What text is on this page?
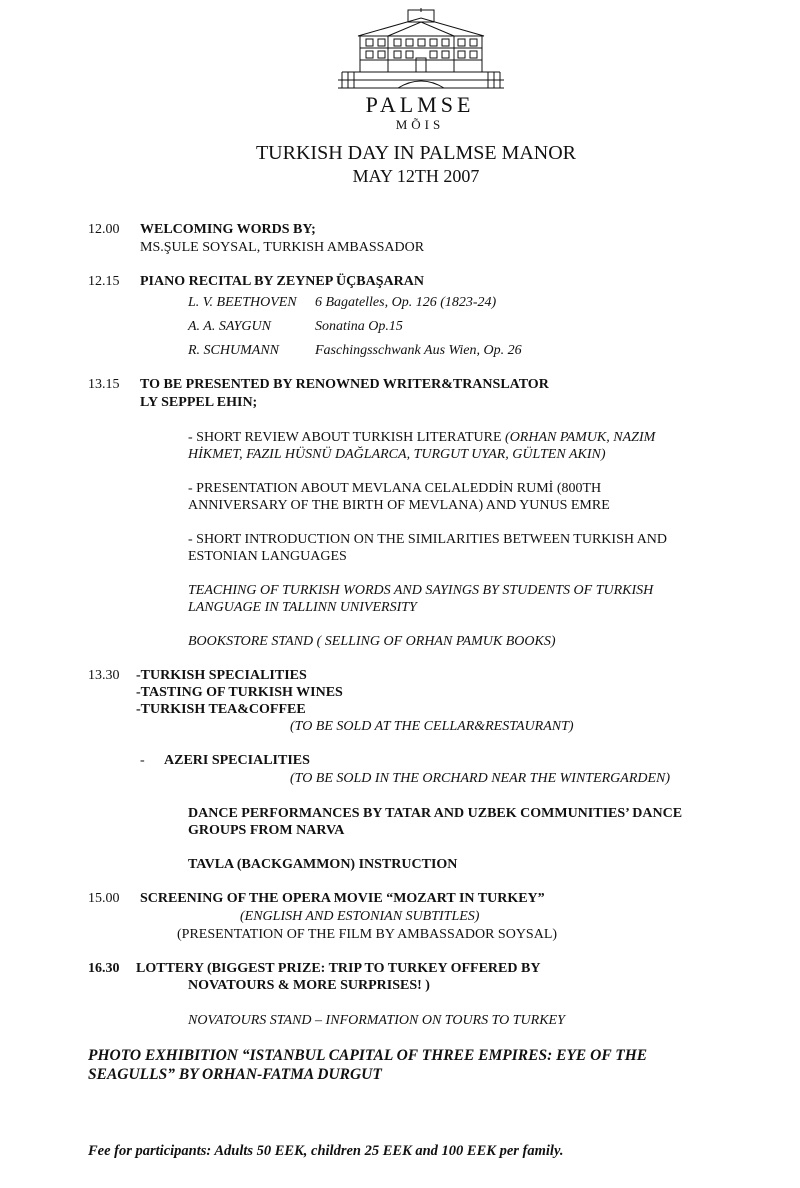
PALMSE
MÕIS
TURKISH DAY IN PALMSE MANOR
MAY 12TH 2007
12.00 WELCOMING WORDS BY;
MS.ŞULE SOYSAL, TURKISH AMBASSADOR
12.15 PIANO RECITAL BY ZEYNEP ÜÇBAŞARAN
L. V. BEETHOVEN 6 Bagatelles, Op. 126 (1823-24)
A. A. SAYGUN	Sonatina Op.15
R. SCHUMANN	Faschingsschwank Aus Wien, Op. 26
13.15 TO BE PRESENTED BY RENOWNED WRITER&TRANSLATOR
LY SEPPEL EHIN;
- SHORT REVIEW ABOUT TURKISH LITERATURE (ORHAN PAMUK, NAZIM
HİKMET, FAZIL HÜSNÜ DAĞLARCA, TURGUT UYAR, GÜLTEN AKIN)
- PRESENTATION ABOUT MEVLANA CELALEDDİN RUMİ (800TH
ANNIVERSARY OF THE BIRTH OF MEVLANA) AND YUNUS EMRE
- SHORT INTRODUCTION ON THE SIMILARITIES BETWEEN TURKISH AND
ESTONIAN LANGUAGES
TEACHING OF TURKISH WORDS AND SAYINGS BY STUDENTS OF TURKISH
LANGUAGE IN TALLINN UNIVERSITY
BOOKSTORE STAND ( SELLING OF ORHAN PAMUK BOOKS)
13.30 -TURKISH SPECIALITIES
-TASTING OF TURKISH WINES
-TURKISH TEA&COFFEE
(TO BE SOLD AT THE CELLAR&RESTAURANT)
- AZERI SPECIALITIES
(TO BE SOLD IN THE ORCHARD NEAR THE WINTERGARDEN)
DANCE PERFORMANCES BY TATAR AND UZBEK COMMUNITIES’ DANCE
GROUPS FROM NARVA
TAVLA (BACKGAMMON) INSTRUCTION
15.00 SCREENING OF THE OPERA MOVIE “MOZART IN TURKEY”
(ENGLISH AND ESTONIAN SUBTITLES)
(PRESENTATION OF THE FILM BY AMBASSADOR SOYSAL)
16.30 LOTTERY (BIGGEST PRIZE: TRIP TO TURKEY OFFERED BY
NOVATOURS & MORE SURPRISES! )
NOVATOURS STAND – INFORMATION ON TOURS TO TURKEY
PHOTO EXHIBITION “ISTANBUL CAPITAL OF THREE EMPIRES: EYE OF THE
SEAGULLS” BY ORHAN-FATMA DURGUT
Fee for participants: Adults 50 EEK, children 25 EEK and 100 EEK per family.
